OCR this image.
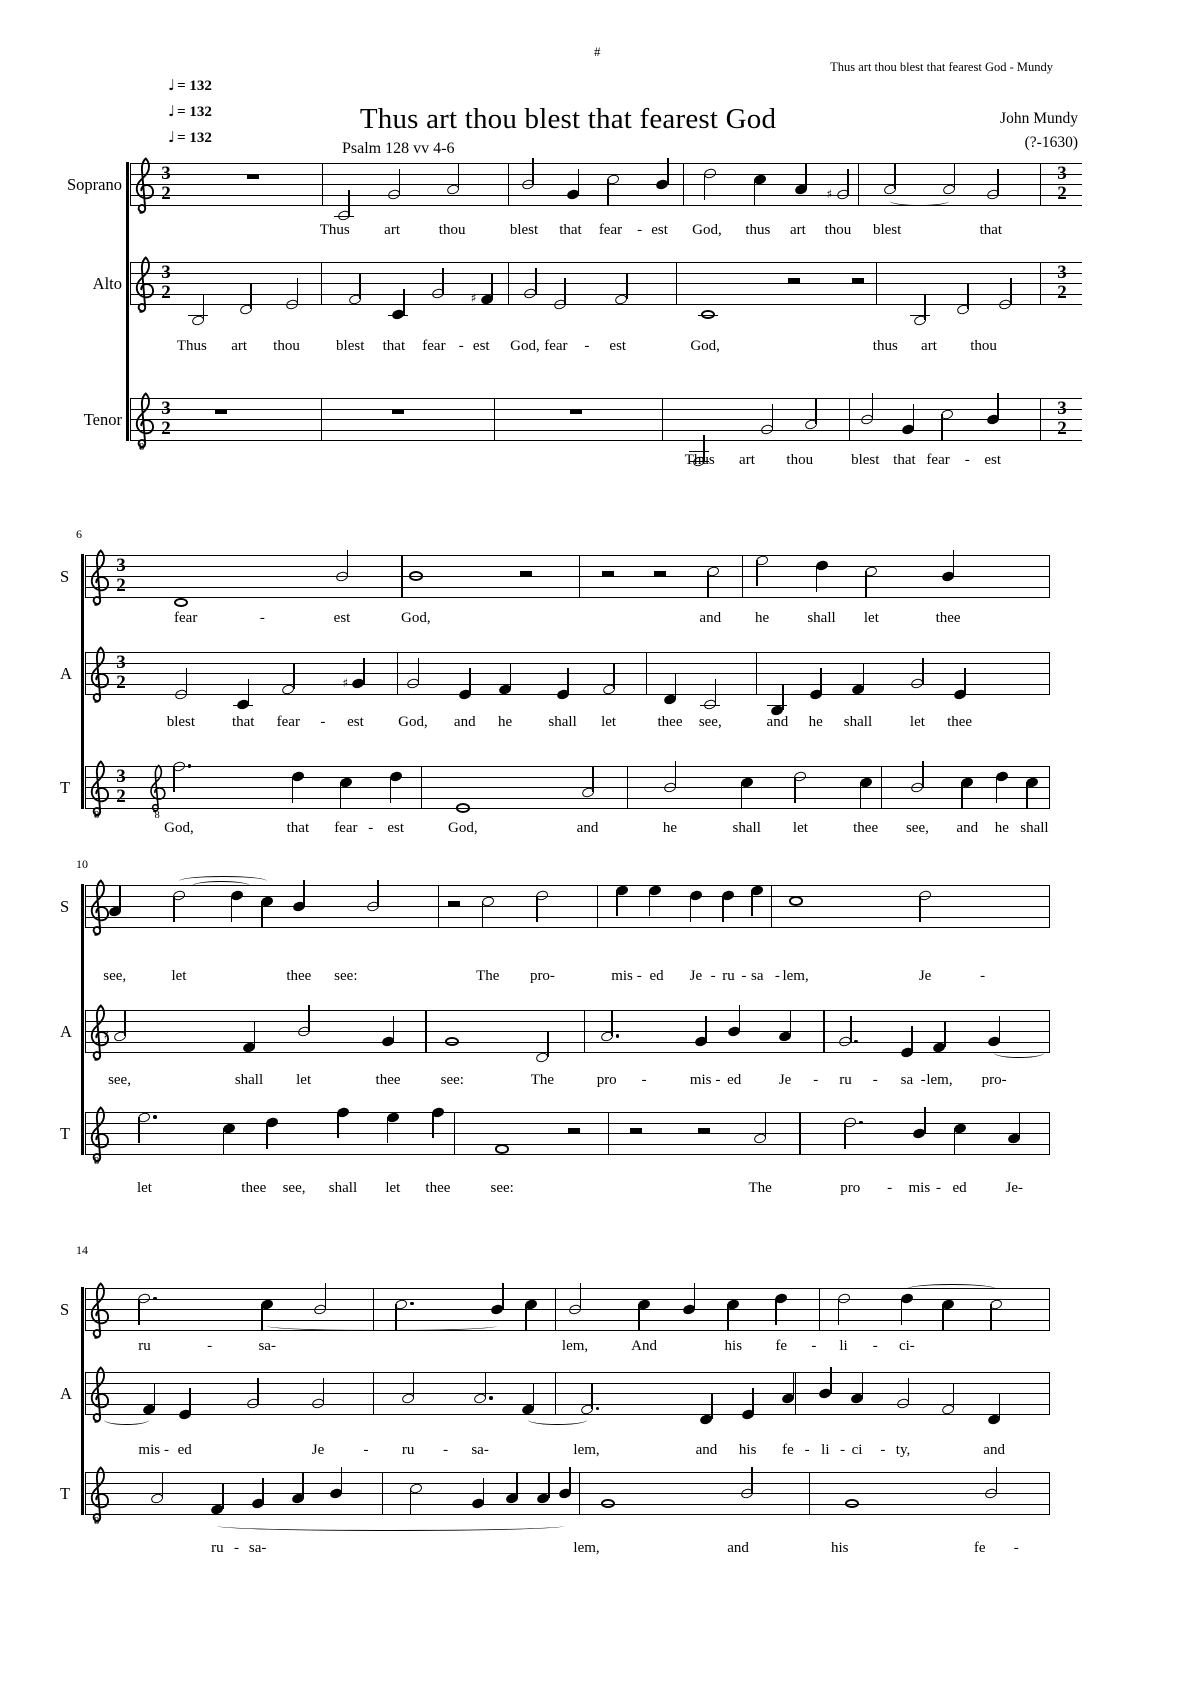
#
Thus art thou blest that fearest God - Mundy
♩ = 132
♩ = 132
♩ = 132
Thus art thou blest that fearest God
Psalm 128 vv 4-6
John Mundy
(?-1630)
Soprano
3
2
3
2
♯
Thus art	thou	blest that fear - est God, thus art thou blest	that
Alto
3
2
3
2
♯
Thus art thou blest that fear - est God, fear - est	God,	thus art thou
Tenor
8
3
2
3
2
Thus art thou	blest that fear - est
6
S
3
2
fear	-	est	God,	and he	shall let	thee
A
3
2	♯
blest that fear - est God, and he shall let	thee see,	and he shall	let thee
T
8
3
2
8
God,	that fear - est	God,	and	he	shall let	thee see, and he shall
10
S
see,	let	thee see:	The pro-	mis - ed Je - ru - sa - lem,	Je	-
A	♯
see,	shall let	thee	see:	The	pro -	mis - ed Je - ru - sa - lem, pro-
T
8
let	thee see, shall let thee	see:	The	pro - mis - ed	Je-
14
S
ru	-	sa-	lem,	And	his fe - li - ci-
A
mis - ed	Je	- ru - sa-	lem,	and his fe - li - ci - ty,	and
T
8
ru - sa-	lem,	and	his	fe -
